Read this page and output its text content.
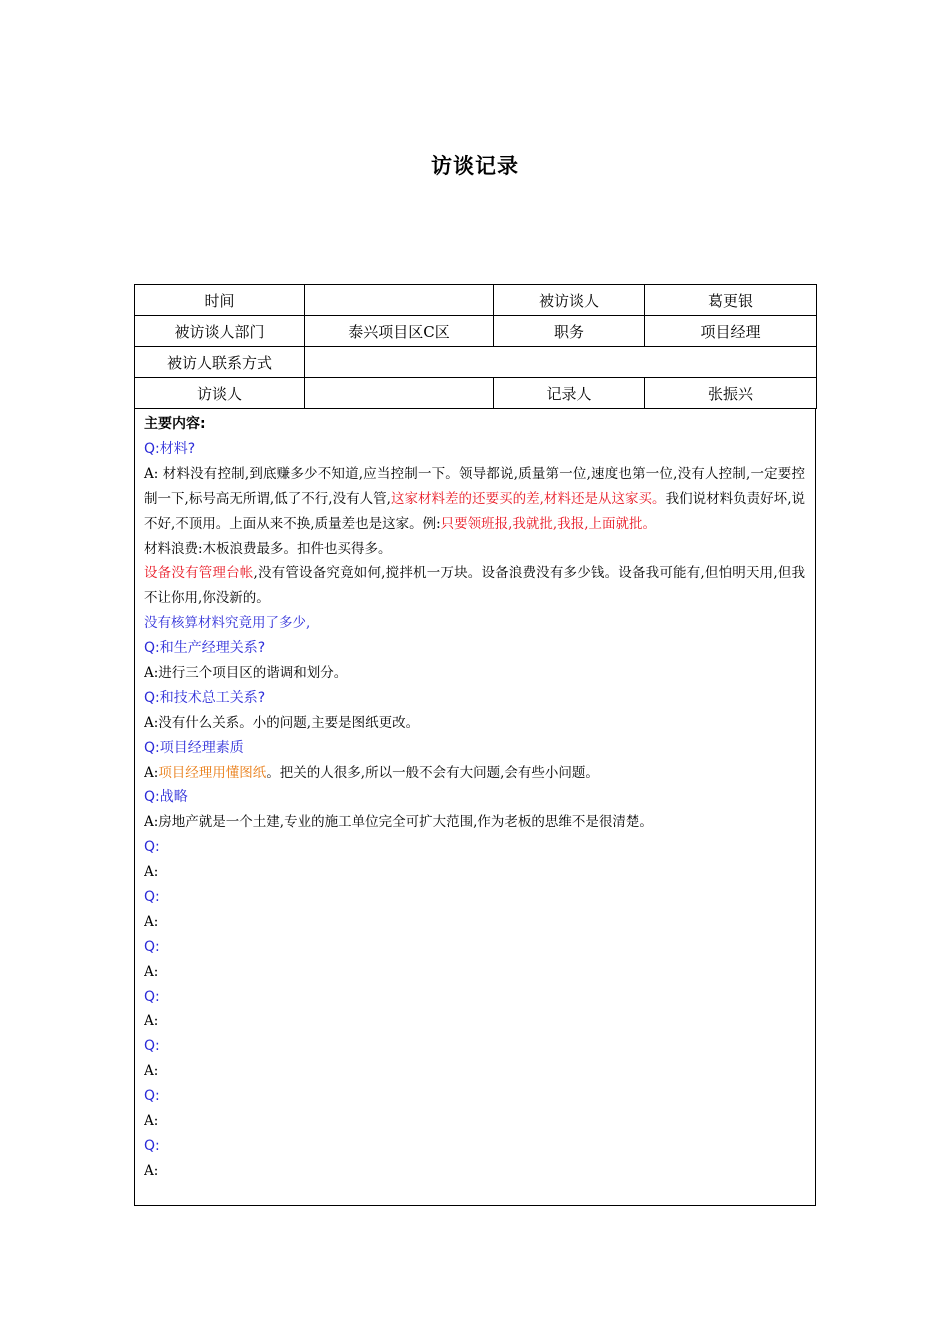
访谈记录
时间		被访谈人	葛更银
被访谈人部门	泰兴项目区C区	职务	项目经理
被访人联系方式			
访谈人		记录人	张振兴
主要内容:
Q:材料?
A: 材料没有控制,到底赚多少不知道,应当控制一下。领导都说,质量第一位,速度也第一位,没有人控制,一定要控制一下,标号高无所谓,低了不行,没有人管,这家材料差的还要买的差,材料还是从这家买。我们说材料负责好坏,说不好,不顶用。上面从来不换,质量差也是这家。例:只要领班报,我就批,我报,上面就批。
材料浪费:木板浪费最多。扣件也买得多。
设备没有管理台帐,没有管设备究竟如何,搅拌机一万块。设备浪费没有多少钱。设备我可能有,但怕明天用,但我不让你用,你没新的。
没有核算材料究竟用了多少,
Q:和生产经理关系?
A:进行三个项目区的谐调和划分。
Q:和技术总工关系?
A:没有什么关系。小的问题,主要是图纸更改。
Q:项目经理素质
A:项目经理用懂图纸。把关的人很多,所以一般不会有大问题,会有些小问题。
Q:战略
A:房地产就是一个土建,专业的施工单位完全可扩大范围,作为老板的思维不是很清楚。
Q:
A:
Q:
A:
Q:
A:
Q:
A:
Q:
A:
Q:
A:
Q:
A:
